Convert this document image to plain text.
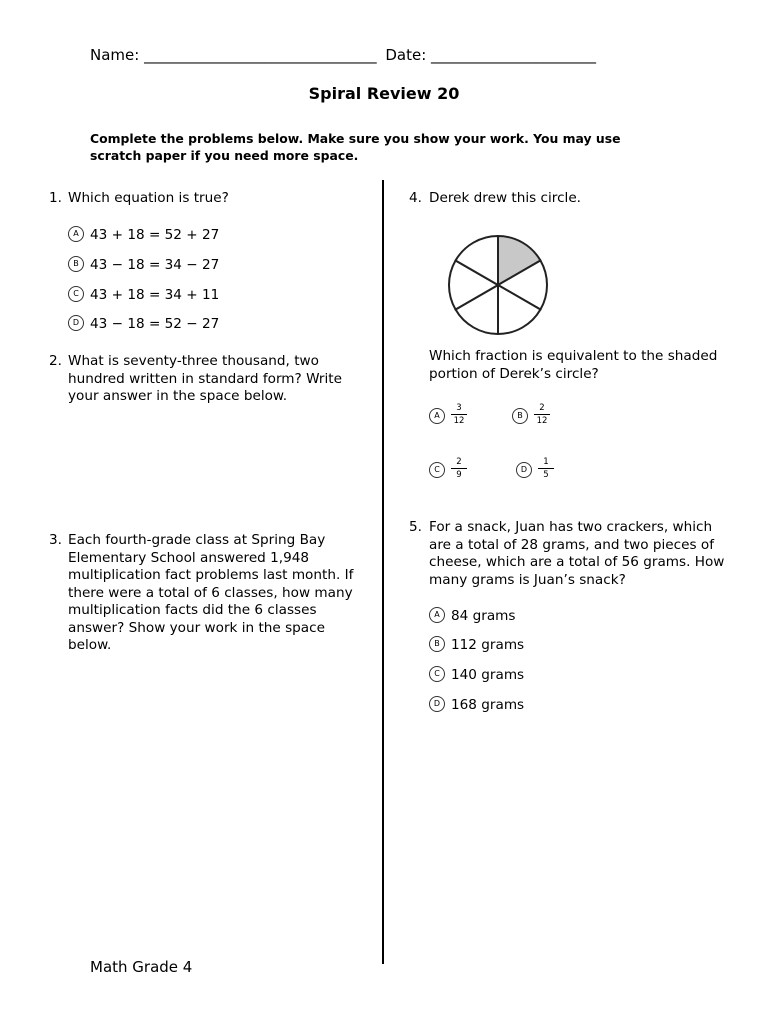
Name: _______________________________ Date: ______________________
Spiral Review 20
Complete the problems below. Make sure you show your work. You may use scratch paper if you need more space.
1. Which equation is true?
A 43 + 18 = 52 + 27
B 43 − 18 = 34 − 27
C 43 + 18 = 34 + 11
D 43 − 18 = 52 − 27
2. What is seventy-three thousand, two hundred written in standard form? Write your answer in the space below.
3. Each fourth-grade class at Spring Bay Elementary School answered 1,948 multiplication fact problems last month. If there were a total of 6 classes, how many multiplication facts did the 6 classes answer? Show your work in the space below.
4. Derek drew this circle.
Which fraction is equivalent to the shaded portion of Derek’s circle?
A	$\frac{3}{12}$	B	$\frac{2}{12}$
C	$\frac{2}{9}$	D	$\frac{1}{5}$
5. For a snack, Juan has two crackers, which are a total of 28 grams, and two pieces of cheese, which are a total of 56 grams. How many grams is Juan’s snack?
A 84 grams
B 112 grams
C 140 grams
D 168 grams
Math Grade 4
